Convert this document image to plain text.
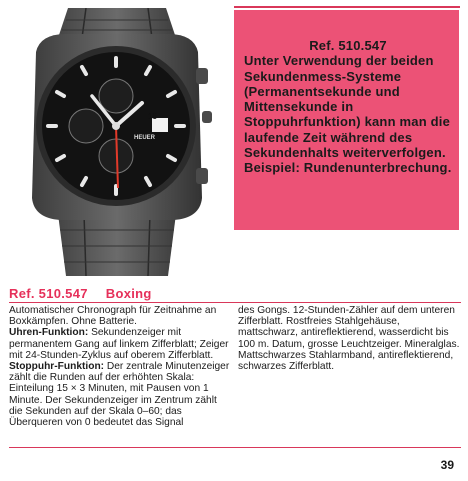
HEUER
15
Ref. 510.547
Unter Verwendung der beiden Sekundenmess-Systeme (Permanentsekunde und Mittensekunde in Stoppuhrfunktion) kann man die laufende Zeit während des Sekundenhalts weiterverfolgen. Beispiel: Rundenunterbrechung.
Ref. 510.547 Boxing

Automatischer Chronograph für Zeitnahme an Boxkämpfen. Ohne Batterie.

Uhren-Funktion: Sekundenzeiger mit permanentem Gang auf linkem Zifferblatt; Zeiger mit 24-Stunden-Zyklus auf oberem Zifferblatt.

Stoppuhr-Funktion: Der zentrale Minutenzeiger zählt die Runden auf der erhöhten Skala: Einteilung 15 × 3 Minuten, mit Pausen von 1 Minute. Der Sekundenzeiger im Zentrum zählt die Sekunden auf der Skala 0–60; das Überqueren von 0 bedeutet das Signal

des Gongs. 12-Stunden-Zähler auf dem unteren Zifferblatt. Rostfreies Stahlgehäuse, mattschwarz, antireflektierend, wasserdicht bis 100 m. Datum, grosse Leuchtzeiger. Mineralglas. Mattschwarzes Stahlarmband, antireflektierend, schwarzes Zifferblatt.

39
